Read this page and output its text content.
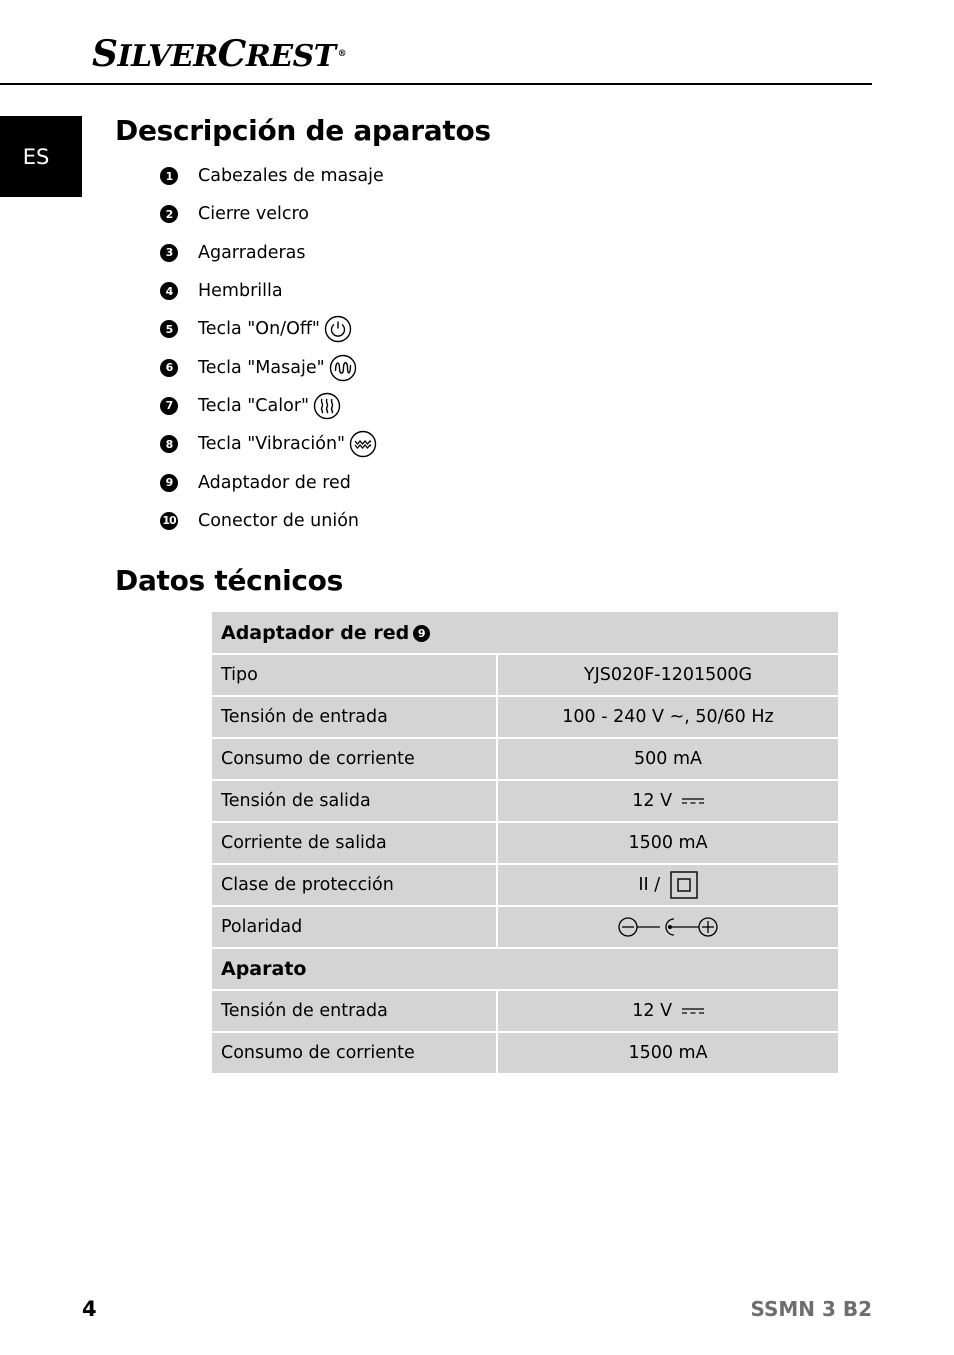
SILVERCREST ®
ES
Descripción de aparatos
1	Cabezales de masaje
2	Cierre velcro
3	Agarraderas
4	Hembrilla
5	Tecla "On/Off"
6	Tecla "Masaje"
7	Tecla "Calor"
8	Tecla "Vibración"
9	Adaptador de red
10 Conector de unión
Datos técnicos
Adaptador de red 9	
Tipo	YJS020F-1201500G
Tensión de entrada	100 - 240 V ~, 50/60 Hz
Consumo de corriente	500 mA
Tensión de salida	12 V
Corriente de salida	1500 mA
Clase de protección	II /
Polaridad	
Aparato	
Tensión de entrada	12 V
Consumo de corriente	1500 mA
4	SSMN 3 B2
